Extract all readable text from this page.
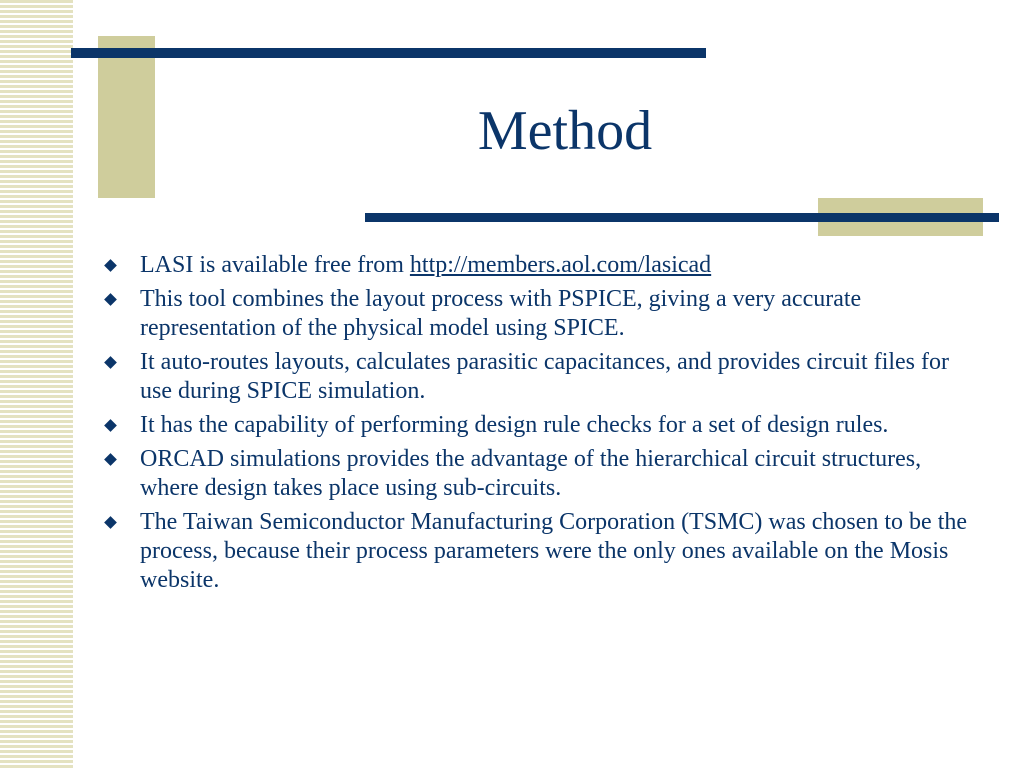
Method
LASI is available free from http://members.aol.com/lasicad
This tool combines the layout process with PSPICE, giving a very accurate representation of the physical model using SPICE.
It auto-routes layouts, calculates parasitic capacitances, and provides circuit files for use during SPICE simulation.
It has the capability of performing design rule checks for a set of design rules.
ORCAD simulations provides the advantage of the hierarchical circuit structures, where design takes place using sub-circuits.
The Taiwan Semiconductor Manufacturing Corporation (TSMC) was chosen to be the process, because their process parameters were the only ones available on the Mosis website.
